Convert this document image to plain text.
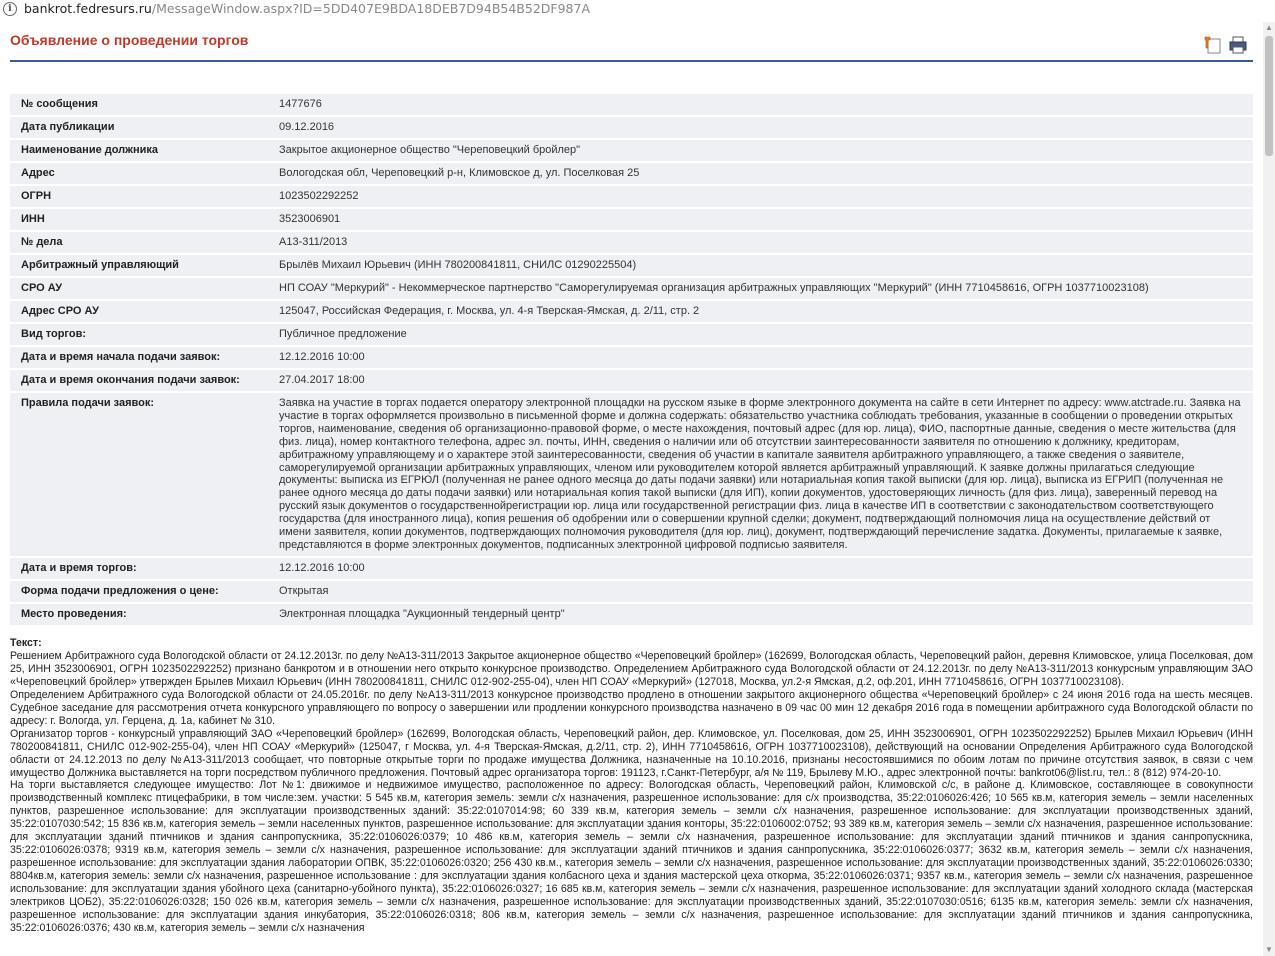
i bankrot.fedresurs.ru/MessageWindow.aspx?ID=5DD407E9BDA18DEB7D94B54B52DF987A
Объявление о проведении торгов
№ сообщения	1477676
Дата публикации	09.12.2016
Наименование должника	Закрытое акционерное общество "Череповецкий бройлер"
Адрес	Вологодская обл, Череповецкий р-н, Климовское д, ул. Поселковая 25
ОГРН	1023502292252
ИНН	3523006901
№ дела	А13-311/2013
Арбитражный управляющий	Брылёв Михаил Юрьевич (ИНН 780200841811, СНИЛС 01290225504)
СРО АУ	НП СОАУ "Меркурий" - Некоммерческое партнерство "Саморегулируемая организация арбитражных управляющих "Меркурий" (ИНН 7710458616, ОГРН 1037710023108)
Адрес СРО АУ	125047, Российская Федерация, г. Москва, ул. 4-я Тверская-Ямская, д. 2/11, стр. 2
Вид торгов:	Публичное предложение
Дата и время начала подачи заявок:	12.12.2016 10:00
Дата и время окончания подачи заявок:	27.04.2017 18:00
Правила подачи заявок:	Заявка на участие в торгах подается оператору электронной площадки на русском языке в форме электронного документа на сайте в сети Интернет по адресу: www.atctrade.ru. Заявка на участие в торгах оформляется произвольно в письменной форме и должна содержать: обязательство участника соблюдать требования, указанные в сообщении о проведении открытых торгов, наименование, сведения об организационно-правовой форме, о месте нахождения, почтовый адрес (для юр. лица), ФИО, паспортные данные, сведения о месте жительства (для физ. лица), номер контактного телефона, адрес эл. почты, ИНН, сведения о наличии или об отсутствии заинтересованности заявителя по отношению к должнику, кредиторам, арбитражному управляющему и о характере этой заинтересованности, сведения об участии в капитале заявителя арбитражного управляющего, а также сведения о заявителе, саморегулируемой организации арбитражных управляющих, членом или руководителем которой является арбитражный управляющий. К заявке должны прилагаться следующие документы: выписка из ЕГРЮЛ (полученная не ранее одного месяца до даты подачи заявки) или нотариальная копия такой выписки (для юр. лица), выписка из ЕГРИП (полученная не ранее одного месяца до даты подачи заявки) или нотариальная копия такой выписки (для ИП), копии документов, удостоверяющих личность (для физ. лица), заверенный перевод на русский язык документов о государственнойрегистрации юр. лица или государственной регистрации физ. лица в качестве ИП в соответствии с законодательством соответствующего государства (для иностранного лица), копия решения об одобрении или о совершении крупной сделки; документ, подтверждающий полномочия лица на осуществление действий от имени заявителя, копии документов, подтверждающих полномочия руководителя (для юр. лиц), документ, подтверждающий перечисление задатка. Документы, прилагаемые к заявке, представляются в форме электронных документов, подписанных электронной цифровой подписью заявителя.
Дата и время торгов:	12.12.2016 10:00
Форма подачи предложения о цене:	Открытая
Место проведения:	Электронная площадка "Аукционный тендерный центр"
Текст:

Решением Арбитражного суда Вологодской области от 24.12.2013г. по делу №А13-311/2013 Закрытое акционерное общество «Череповецкий бройлер» (162699, Вологодская область, Череповецкий район, деревня Климовское, улица Поселковая, дом 25, ИНН 3523006901, ОГРН 1023502292252) признано банкротом и в отношении него открыто конкурсное производство. Определением Арбитражного суда Вологодской области от 24.12.2013г. по делу №А13-311/2013 конкурсным управляющим ЗАО «Череповецкий бройлер» утвержден Брылев Михаил Юрьевич (ИНН 780200841811, СНИЛС 012-902-255-04), член НП СОАУ «Меркурий» (127018, Москва, ул.2-я Ямская, д.2, оф.201, ИНН 7710458616, ОГРН 1037710023108).

Определением Арбитражного суда Вологодской области от 24.05.2016г. по делу №А13-311/2013 конкурсное производство продлено в отношении закрытого акционерного общества «Череповецкий бройлер» с 24 июня 2016 года на шесть месяцев. Судебное заседание для рассмотрения отчета конкурсного управляющего по вопросу о завершении или продлении конкурсного производства назначено в 09 час 00 мин 12 декабря 2016 года в помещении арбитражного суда Вологодской области по адресу: г. Вологда, ул. Герцена, д. 1а, кабинет № 310.

Организатор торгов - конкурсный управляющий ЗАО «Череповецкий бройлер» (162699, Вологодская область, Череповецкий район, дер. Климовское, ул. Поселковая, дом 25, ИНН 3523006901, ОГРН 1023502292252) Брылев Михаил Юрьевич (ИНН 780200841811, СНИЛС 012-902-255-04), член НП СОАУ «Меркурий» (125047, г Москва, ул. 4-я Тверская-Ямская, д.2/11, стр. 2), ИНН 7710458616, ОГРН 1037710023108), действующий на основании Определения Арбитражного суда Вологодской области от 24.12.2013 по делу №А13-311/2013 сообщает, что повторные открытые торги по продаже имущества Должника, назначенные на 10.10.2016, признаны несостоявшимися по обоим лотам по причине отсутствия заявок, в связи с чем имущество Должника выставляется на торги посредством публичного предложения. Почтовый адрес организатора торгов: 191123, г.Санкт-Петербург, а/я № 119, Брылеву М.Ю., адрес электронной почты: bankrot06@list.ru, тел.: 8 (812) 974-20-10.

На торги выставляется следующее имущество: Лот №1: движимое и недвижимое имущество, расположенное по адресу: Вологодская область, Череповецкий район, Климовской с/с, в районе д. Климовское, составляющее в совокупности производственный комплекс птицефабрики, в том числе:зем. участки: 5 545 кв.м, категория земель: земли с/х назначения, разрешенное использование: для с/х производства, 35:22:0106026:426; 10 565 кв.м, категория земель – земли населенных пунктов, разрешенное использование: для эксплуатации производственных зданий: 35:22:0107014:98; 60 339 кв.м, категория земель – земли с/х назначения, разрешенное использование: для эксплуатации производственных зданий, 35:22:0107030:542; 15 836 кв.м, категория земель – земли населенных пунктов, разрешенное использование: для эксплуатации здания конторы, 35:22:0106002:0752; 93 389 кв.м, категория земель – земли с/х назначения, разрешенное использование: для эксплуатации зданий птичников и здания санпропускника, 35:22:0106026:0379; 10 486 кв.м, категория земель – земли с/х назначения, разрешенное использование: для эксплуатации зданий птичников и здания санпропускника, 35:22:0106026:0378; 9319 кв.м, категория земель – земли с/х назначения, разрешенное использование: для эксплуатации зданий птичников и здания санпропускника, 35:22:0106026:0377; 3632 кв.м, категория земель – земли с/х назначения, разрешенное использование: для эксплуатации здания лаборатории ОПВК, 35:22:0106026:0320; 256 430 кв.м., категория земель – земли с/х назначения, разрешенное использование: для эксплуатации производственных зданий, 35:22:0106026:0330; 8804кв.м, категория земель: земли с/х назначения, разрешенное использование : для эксплуатации здания колбасного цеха и здания мастерской цеха откорма, 35:22:0106026:0371; 9357 кв.м., категория земель – земли с/х назначения, разрешенное использование: для эксплуатации здания убойного цеха (санитарно-убойного пункта), 35:22:0106026:0327; 16 685 кв.м, категория земель – земли с/х назначения, разрешенное использование: для эксплуатации зданий холодного склада (мастерская электриков ЦОБ2), 35:22:0106026:0328; 150 026 кв.м, категория земель – земли с/х назначения, разрешенное использование: для эксплуатации производственных зданий, 35:22:0107030:0516; 6135 кв.м, категория земель: земли с/х назначения, разрешенное использование: для эксплуатации здания инкубатория, 35:22:0106026:0318; 806 кв.м, категория земель – земли с/х назначения, разрешенное использование: для эксплуатации зданий птичников и здания санпропускника, 35:22:0106026:0376; 430 кв.м, категория земель – земли с/х назначения

▲
▼
